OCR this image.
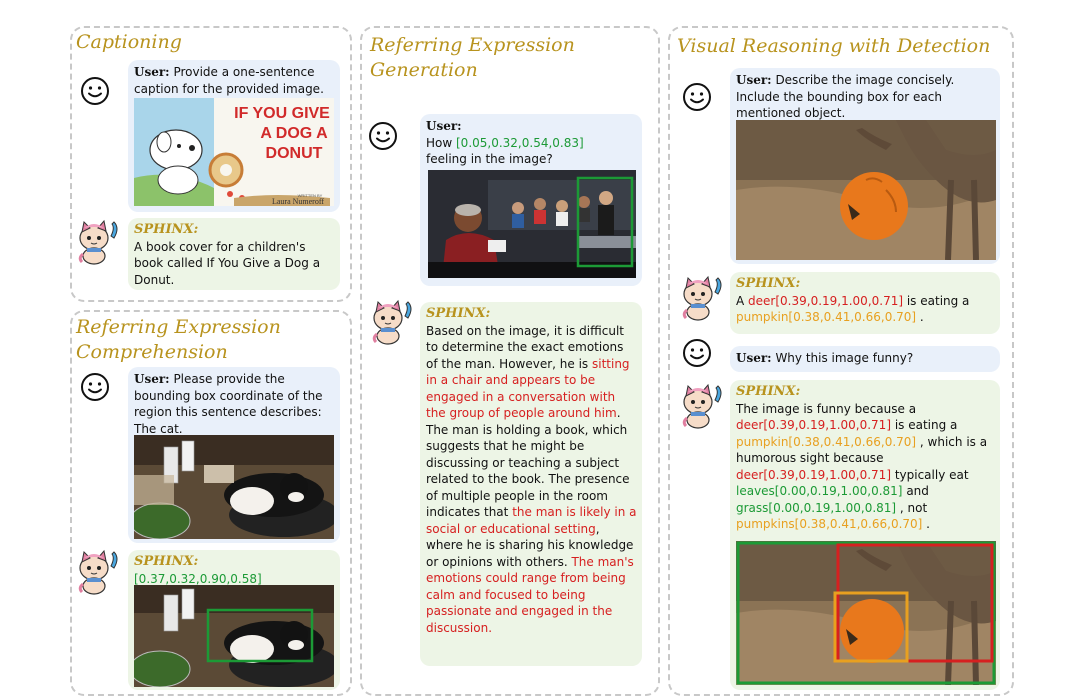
Captioning
User: Provide a one-sentence caption for the provided image.
IF YOU GIVE
A DOG A
DONUT
WRITTEN BY
Laura Numeroff
SPHINX:
A book cover for a children's book called If You Give a Dog a Donut.
Referring Expression
Comprehension
User: Please provide the bounding box coordinate of the region this sentence describes: The cat.
SPHINX:
[0.37,0.32,0.90,0.58]
Referring Expression
Generation
User:
How [0.05,0.32,0.54,0.83] feeling in the image?
SPHINX:
Based on the image, it is difficult to determine the exact emotions of the man. However, he is sitting in a chair and appears to be engaged in a conversation with the group of people around him. The man is holding a book, which suggests that he might be discussing or teaching a subject related to the book. The presence of multiple people in the room indicates that the man is likely in a social or educational setting, where he is sharing his knowledge or opinions with others. The man's emotions could range from being calm and focused to being passionate and engaged in the discussion.
Visual Reasoning with Detection
User: Describe the image concisely. Include the bounding box for each mentioned object.
SPHINX:
A deer[0.39,0.19,1.00,0.71] is eating a pumpkin[0.38,0.41,0.66,0.70] .
User: Why this image funny?
SPHINX:
The image is funny because a deer[0.39,0.19,1.00,0.71] is eating a pumpkin[0.38,0.41,0.66,0.70] , which is a humorous sight because deer[0.39,0.19,1.00,0.71] typically eat leaves[0.00,0.19,1.00,0.81] and grass[0.00,0.19,1.00,0.81] , not pumpkins[0.38,0.41,0.66,0.70] .
